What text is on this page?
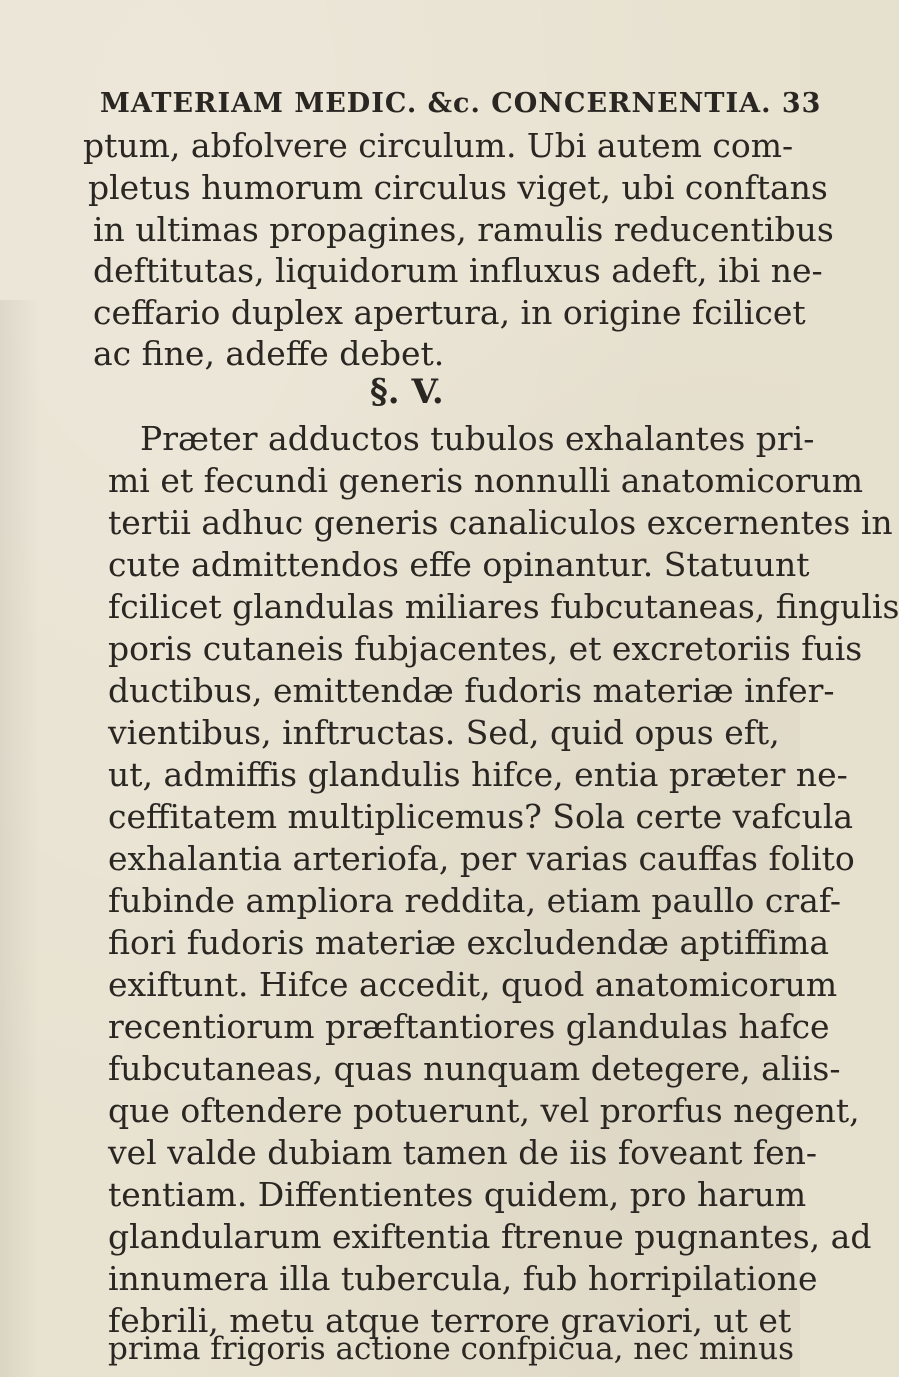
MATERIAM MEDIC. &c. CONCERNENTIA. 33
ptum, abfolvere circulum. Ubi autem com-
pletus humorum circulus viget, ubi conftans
in ultimas propagines, ramulis reducentibus
deftitutas, liquidorum influxus adeft, ibi ne-
ceffario duplex apertura, in origine fcilicet
ac fine, adeffe debet.
§. V.
Præter adductos tubulos exhalantes pri-
mi et fecundi generis nonnulli anatomicorum
tertii adhuc generis canaliculos excernentes in
cute admittendos effe opinantur. Statuunt
fcilicet glandulas miliares fubcutaneas, fingulis
poris cutaneis fubjacentes, et excretoriis fuis
ductibus, emittendæ fudoris materiæ infer-
vientibus, inftructas. Sed, quid opus eft,
ut, admiffis glandulis hifce, entia præter ne-
ceffitatem multiplicemus? Sola certe vafcula
exhalantia arteriofa, per varias cauffas folito
fubinde ampliora reddita, etiam paullo craf-
fiori fudoris materiæ excludendæ aptiffima
exiftunt. Hifce accedit, quod anatomicorum
recentiorum præftantiores glandulas hafce
fubcutaneas, quas nunquam detegere, aliis-
que oftendere potuerunt, vel prorfus negent,
vel valde dubiam tamen de iis foveant fen-
tentiam. Diffentientes quidem, pro harum
glandularum exiftentia ftrenue pugnantes, ad
innumera illa tubercula, fub horripilatione
febrili, metu atque terrore graviori, ut et
prima frigoris actione confpicua, nec minus
